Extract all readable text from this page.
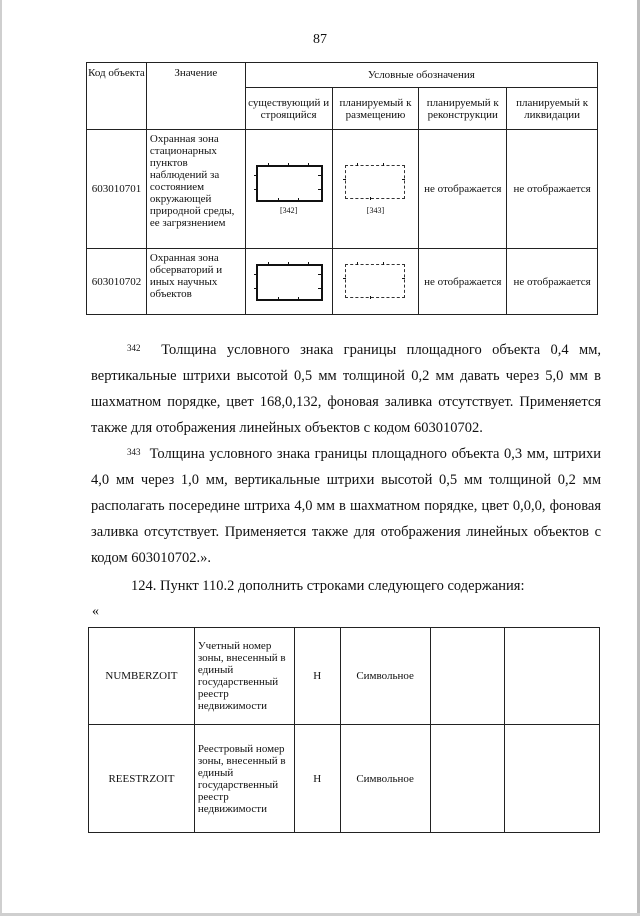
87
Код объекта	Значение	Условные обозначения			
		существующий и строящийся	планируемый к размещению	планируемый к реконструкции	планируемый к ликвидации
603010701	Охранная зона стационарных пунктов наблюдений за состоянием окружающей природной среды, ее загрязнением	[342]	[343]	не отображается	не отображается
603010702	Охранная зона обсерваторий и иных научных объектов			не отображается	не отображается

$^{342}$ Толщина условного знака границы площадного объекта 0,4 мм, вертикальные штрихи высотой 0,5 мм толщиной 0,2 мм давать через 5,0 мм в шахматном порядке, цвет 168,0,132, фоновая заливка отсутствует. Применяется также для отображения линейных объектов с кодом 603010702.

$^{343}$ Толщина условного знака границы площадного объекта 0,3 мм, штрихи 4,0 мм через 1,0 мм, вертикальные штрихи высотой 0,5 мм толщиной 0,2 мм располагать посередине штриха 4,0 мм в шахматном порядке, цвет 0,0,0, фоновая заливка отсутствует. Применяется также для отображения линейных объектов с кодом 603010702.».

124. Пункт 110.2 дополнить строками следующего содержания:

«
NUMBERZOIT	Учетный номер зоны, внесенный в единый государственный реестр недвижимости	Н	Символьное		
REESTRZOIT	Реестровый номер зоны, внесенный в единый государственный реестр недвижимости	Н	Символьное		
